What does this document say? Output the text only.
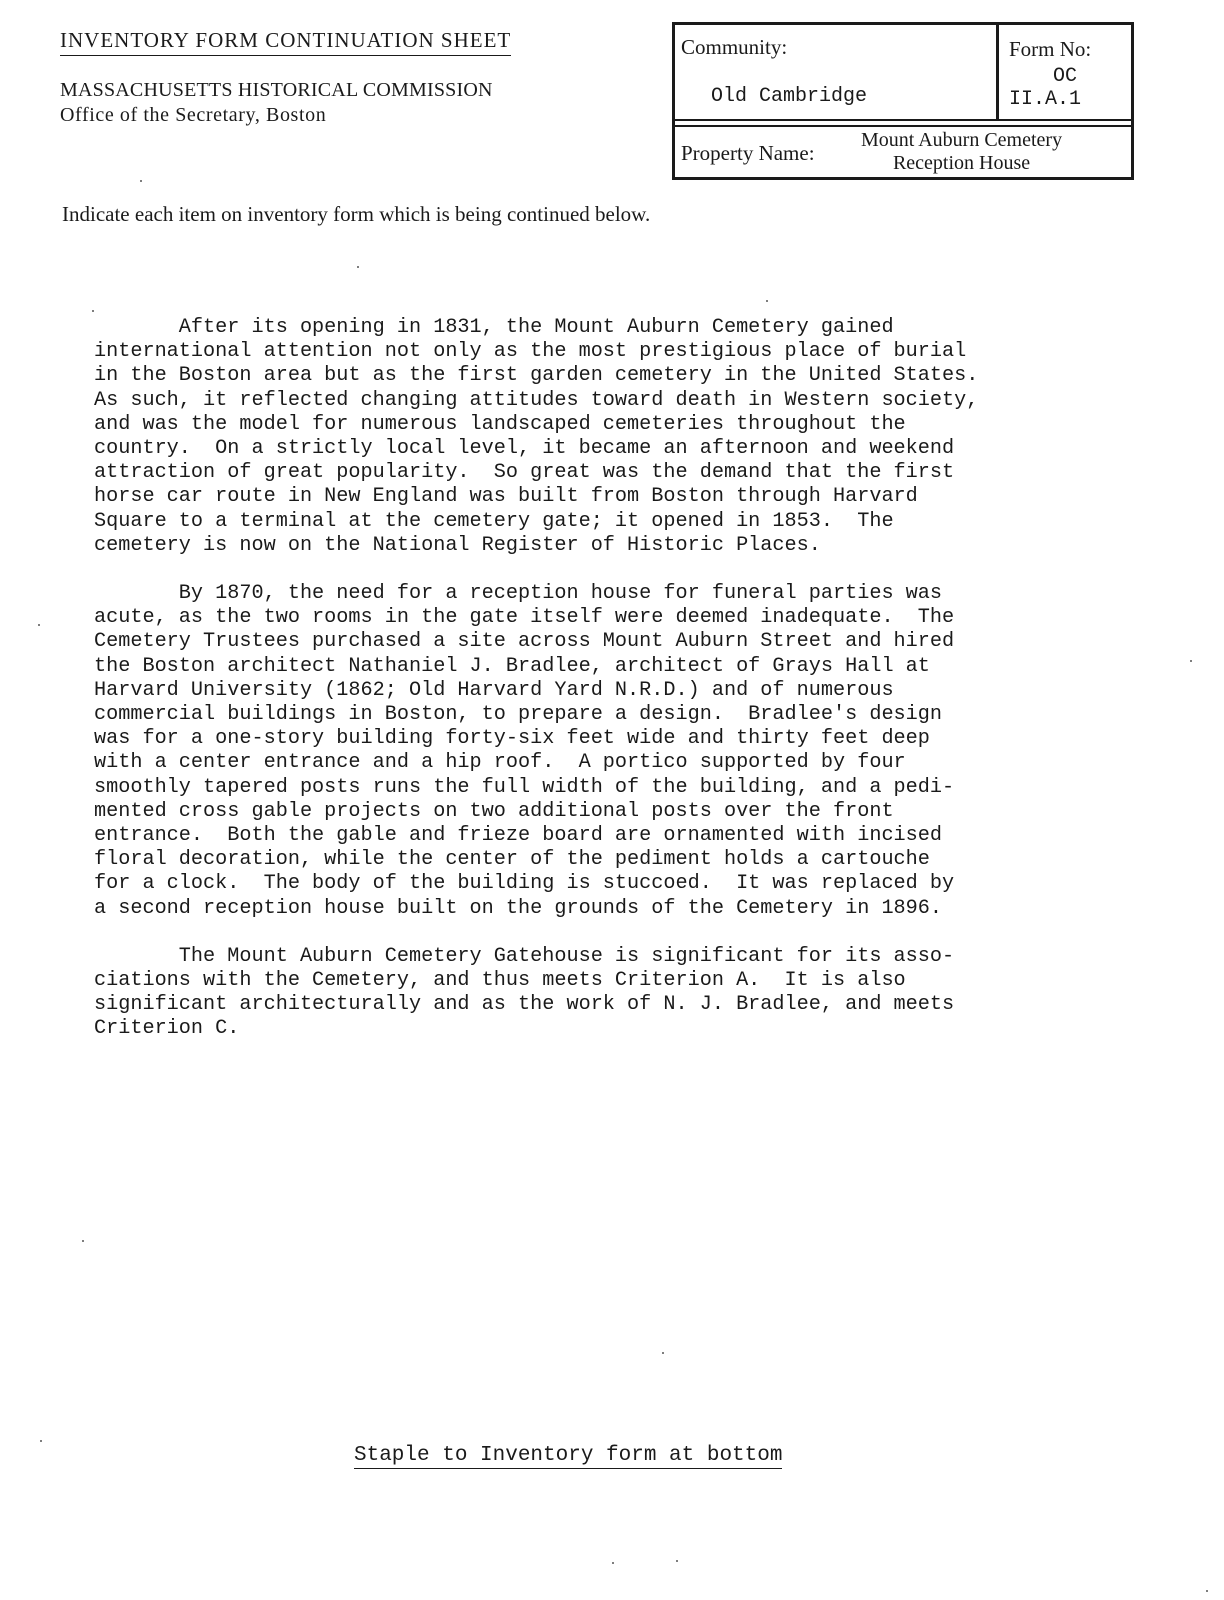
INVENTORY FORM CONTINUATION SHEET
MASSACHUSETTS HISTORICAL COMMISSION
Office of the Secretary, Boston
Community:
Old Cambridge
Form No:
OC
II.A.1
Property Name:
Mount Auburn Cemetery
Reception House
Indicate each item on inventory form which is being continued below.
After its opening in 1831, the Mount Auburn Cemetery gained
international attention not only as the most prestigious place of burial
in the Boston area but as the first garden cemetery in the United States.
As such, it reflected changing attitudes toward death in Western society,
and was the model for numerous landscaped cemeteries throughout the
country.  On a strictly local level, it became an afternoon and weekend
attraction of great popularity.  So great was the demand that the first
horse car route in New England was built from Boston through Harvard
Square to a terminal at the cemetery gate; it opened in 1853.  The
cemetery is now on the National Register of Historic Places.
By 1870, the need for a reception house for funeral parties was
acute, as the two rooms in the gate itself were deemed inadequate.  The
Cemetery Trustees purchased a site across Mount Auburn Street and hired
the Boston architect Nathaniel J. Bradlee, architect of Grays Hall at
Harvard University (1862; Old Harvard Yard N.R.D.) and of numerous
commercial buildings in Boston, to prepare a design.  Bradlee's design
was for a one-story building forty-six feet wide and thirty feet deep
with a center entrance and a hip roof.  A portico supported by four
smoothly tapered posts runs the full width of the building, and a pedi-
mented cross gable projects on two additional posts over the front
entrance.  Both the gable and frieze board are ornamented with incised
floral decoration, while the center of the pediment holds a cartouche
for a clock.  The body of the building is stuccoed.  It was replaced by
a second reception house built on the grounds of the Cemetery in 1896.
The Mount Auburn Cemetery Gatehouse is significant for its asso-
ciations with the Cemetery, and thus meets Criterion A.  It is also
significant architecturally and as the work of N. J. Bradlee, and meets
Criterion C.
Staple to Inventory form at bottom
